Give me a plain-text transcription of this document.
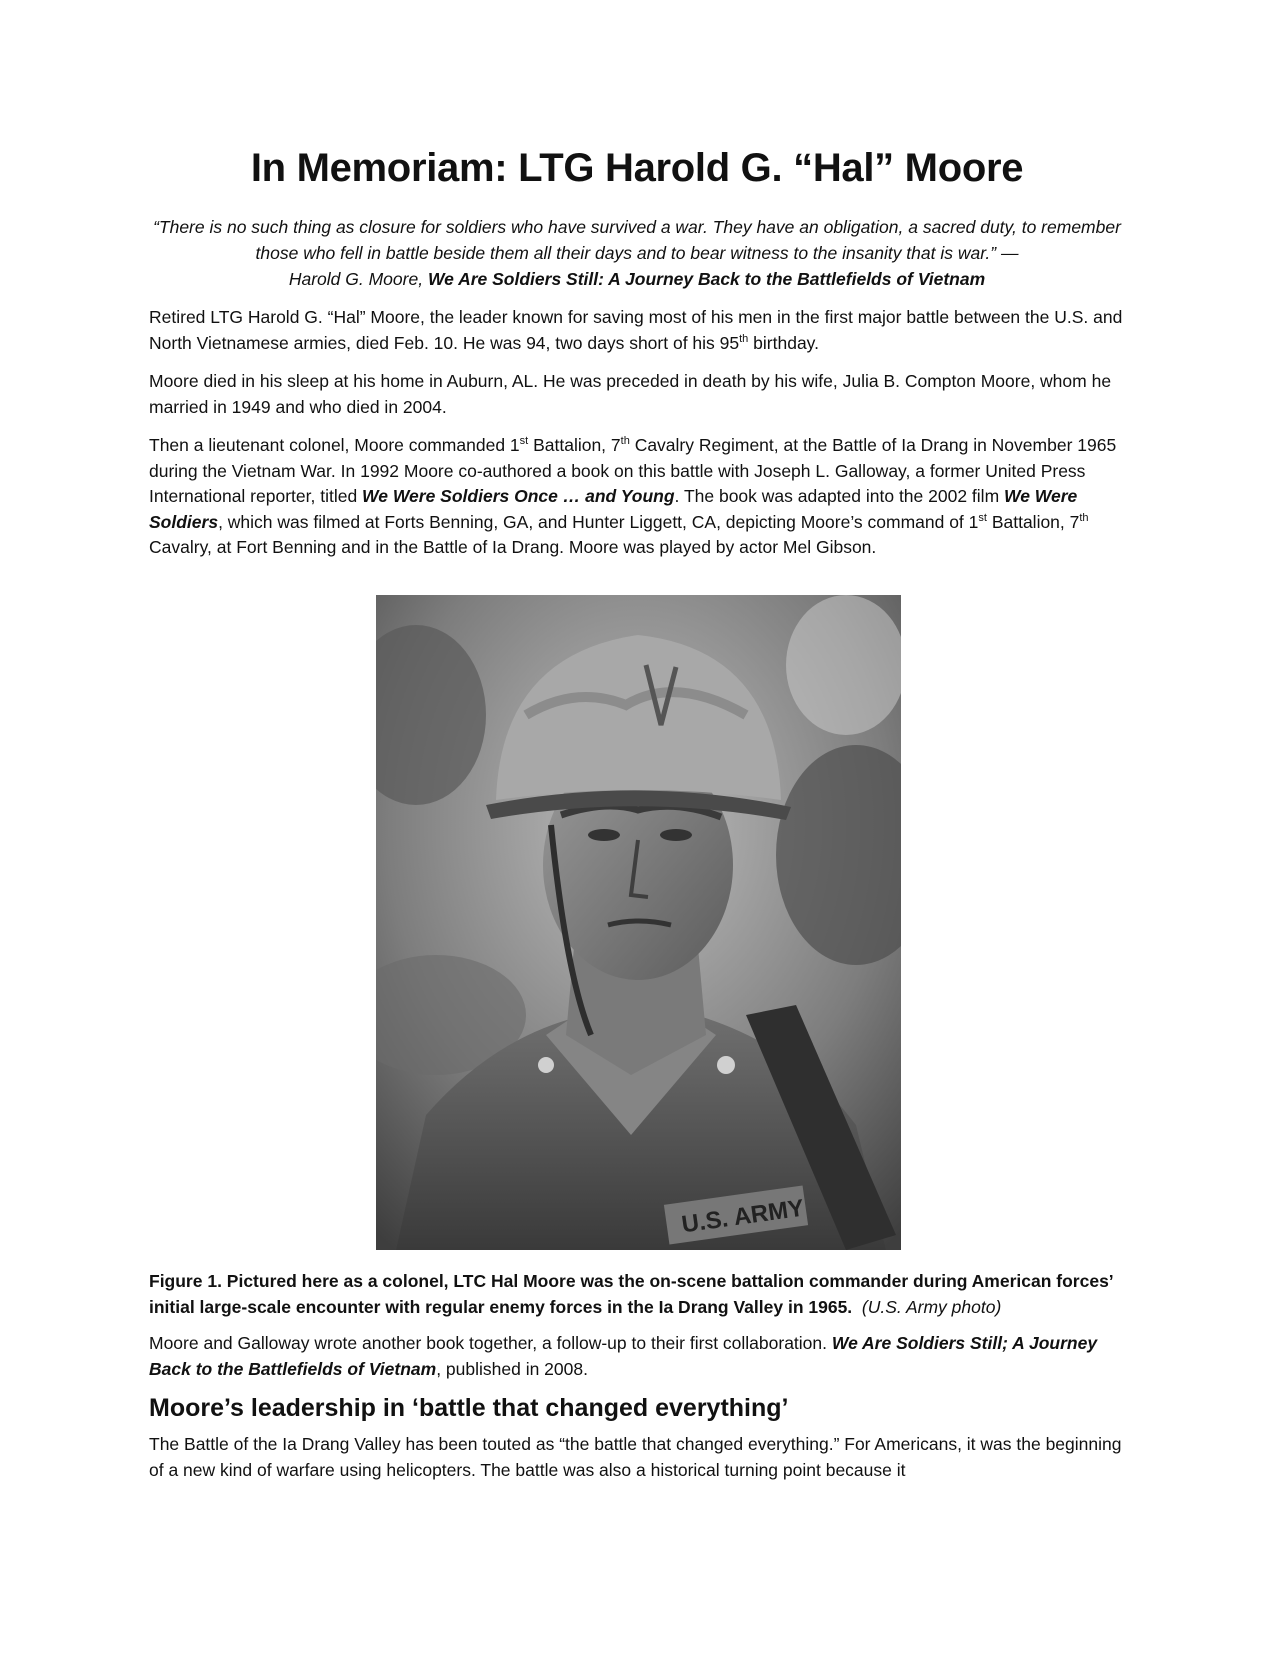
In Memoriam: LTG Harold G. “Hal” Moore
“There is no such thing as closure for soldiers who have survived a war. They have an obligation, a sacred duty, to remember those who fell in battle beside them all their days and to bear witness to the insanity that is war.” —
Harold G. Moore, We Are Soldiers Still: A Journey Back to the Battlefields of Vietnam

Retired LTG Harold G. “Hal” Moore, the leader known for saving most of his men in the first major battle between the U.S. and North Vietnamese armies, died Feb. 10. He was 94, two days short of his 95th birthday.

Moore died in his sleep at his home in Auburn, AL. He was preceded in death by his wife, Julia B. Compton Moore, whom he married in 1949 and who died in 2004.

Then a lieutenant colonel, Moore commanded 1st Battalion, 7th Cavalry Regiment, at the Battle of Ia Drang in November 1965 during the Vietnam War. In 1992 Moore co-authored a book on this battle with Joseph L. Galloway, a former United Press International reporter, titled We Were Soldiers Once … and Young. The book was adapted into the 2002 film We Were Soldiers, which was filmed at Forts Benning, GA, and Hunter Liggett, CA, depicting Moore’s command of 1st Battalion, 7th Cavalry, at Fort Benning and in the Battle of Ia Drang. Moore was played by actor Mel Gibson.

U.S. ARMY

Figure 1. Pictured here as a colonel, LTC Hal Moore was the on-scene battalion commander during American forces’ initial large-scale encounter with regular enemy forces in the Ia Drang Valley in 1965. (U.S. Army photo)

Moore and Galloway wrote another book together, a follow-up to their first collaboration. We Are Soldiers Still; A Journey Back to the Battlefields of Vietnam, published in 2008.

Moore’s leadership in ‘battle that changed everything’

The Battle of the Ia Drang Valley has been touted as “the battle that changed everything.” For Americans, it was the beginning of a new kind of warfare using helicopters. The battle was also a historical turning point because it
